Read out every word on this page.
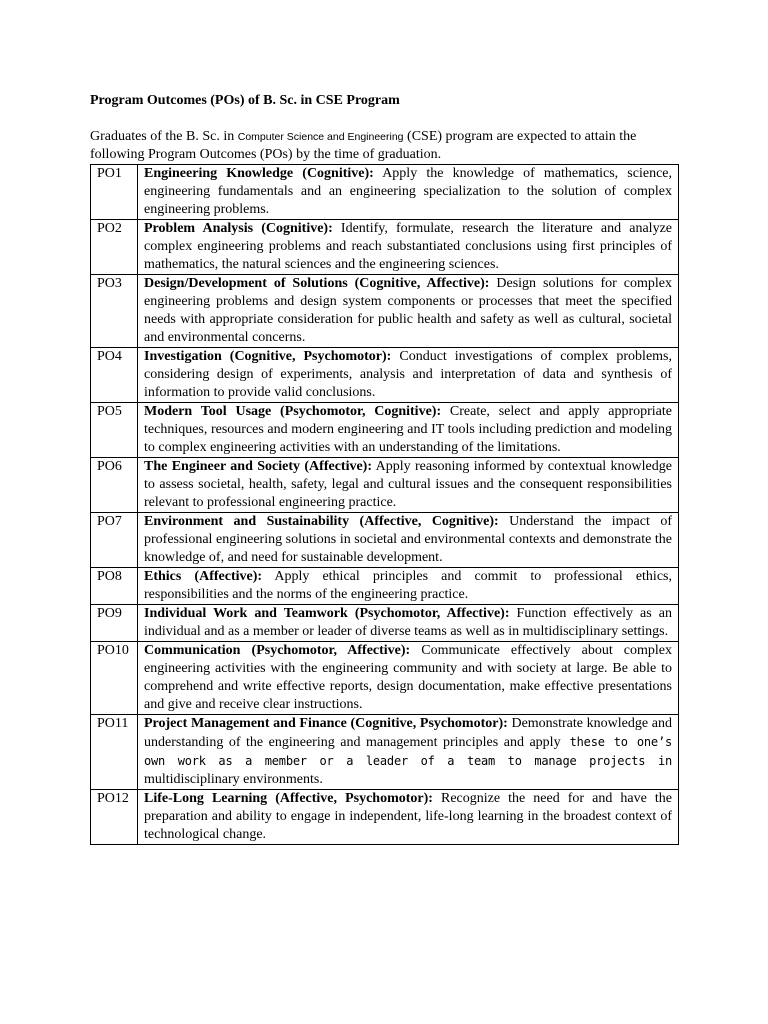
Program Outcomes (POs) of B. Sc. in CSE Program

Graduates of the B. Sc. in Computer Science and Engineering (CSE) program are expected to attain the following Program Outcomes (POs) by the time of graduation.
PO1	Engineering Knowledge (Cognitive): Apply the knowledge of mathematics, science, engineering fundamentals and an engineering specialization to the solution of complex engineering problems.
PO2	Problem Analysis (Cognitive): Identify, formulate, research the literature and analyze complex engineering problems and reach substantiated conclusions using first principles of mathematics, the natural sciences and the engineering sciences.
PO3	Design/Development of Solutions (Cognitive, Affective): Design solutions for complex engineering problems and design system components or processes that meet the specified needs with appropriate consideration for public health and safety as well as cultural, societal and environmental concerns.
PO4	Investigation (Cognitive, Psychomotor): Conduct investigations of complex problems, considering design of experiments, analysis and interpretation of data and synthesis of information to provide valid conclusions.
PO5	Modern Tool Usage (Psychomotor, Cognitive): Create, select and apply appropriate techniques, resources and modern engineering and IT tools including prediction and modeling to complex engineering activities with an understanding of the limitations.
PO6	The Engineer and Society (Affective): Apply reasoning informed by contextual knowledge to assess societal, health, safety, legal and cultural issues and the consequent responsibilities relevant to professional engineering practice.
PO7	Environment and Sustainability (Affective, Cognitive): Understand the impact of professional engineering solutions in societal and environmental contexts and demonstrate the knowledge of, and need for sustainable development.
PO8	Ethics (Affective): Apply ethical principles and commit to professional ethics, responsibilities and the norms of the engineering practice.
PO9	Individual Work and Teamwork (Psychomotor, Affective): Function effectively as an individual and as a member or leader of diverse teams as well as in multidisciplinary settings.
PO10	Communication (Psychomotor, Affective): Communicate effectively about complex engineering activities with the engineering community and with society at large. Be able to comprehend and write effective reports, design documentation, make effective presentations and give and receive clear instructions.
PO11	Project Management and Finance (Cognitive, Psychomotor): Demonstrate knowledge and understanding of the engineering and management principles and apply these to one’s own work as a member or a leader of a team to manage projects in multidisciplinary environments.
PO12	Life-Long Learning (Affective, Psychomotor): Recognize the need for and have the preparation and ability to engage in independent, life-long learning in the broadest context of technological change.
